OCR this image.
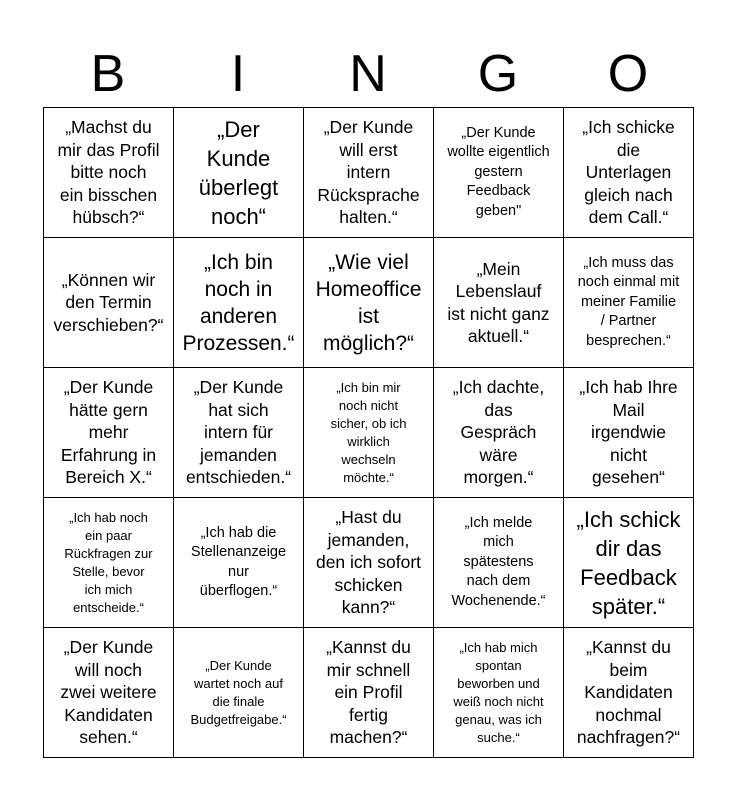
B	I	N	G	O
„Machst du
mir das Profil
bitte noch
ein bisschen
hübsch?“
„Der
Kunde
überlegt
noch“
„Der Kunde
will erst
intern
Rücksprache
halten.“
„Der Kunde
wollte eigentlich
gestern
Feedback
geben"
„Ich schicke
die
Unterlagen
gleich nach
dem Call.“
„Können wir
den Termin
verschieben?“
„Ich bin
noch in
anderen
Prozessen.“
„Wie viel
Homeoffice
ist
möglich?“
„Mein
Lebenslauf
ist nicht ganz
aktuell.“
„Ich muss das
noch einmal mit
meiner Familie
/ Partner
besprechen.“
„Der Kunde
hätte gern
mehr
Erfahrung in
Bereich X.“
„Der Kunde
hat sich
intern für
jemanden
entschieden.“
„Ich bin mir
noch nicht
sicher, ob ich
wirklich
wechseln
möchte.“
„Ich dachte,
das
Gespräch
wäre
morgen.“
„Ich hab Ihre
Mail
irgendwie
nicht
gesehen“
„Ich hab noch
ein paar
Rückfragen zur
Stelle, bevor
ich mich
entscheide.“
„Ich hab die
Stellenanzeige
nur
überflogen.“
„Hast du
jemanden,
den ich sofort
schicken
kann?“
„Ich melde
mich
spätestens
nach dem
Wochenende.“
„Ich schick
dir das
Feedback
später.“
„Der Kunde
will noch
zwei weitere
Kandidaten
sehen.“
„Der Kunde
wartet noch auf
die finale
Budgetfreigabe.“
„Kannst du
mir schnell
ein Profil
fertig
machen?“
„Ich hab mich
spontan
beworben und
weiß noch nicht
genau, was ich
suche.“
„Kannst du
beim
Kandidaten
nochmal
nachfragen?“
